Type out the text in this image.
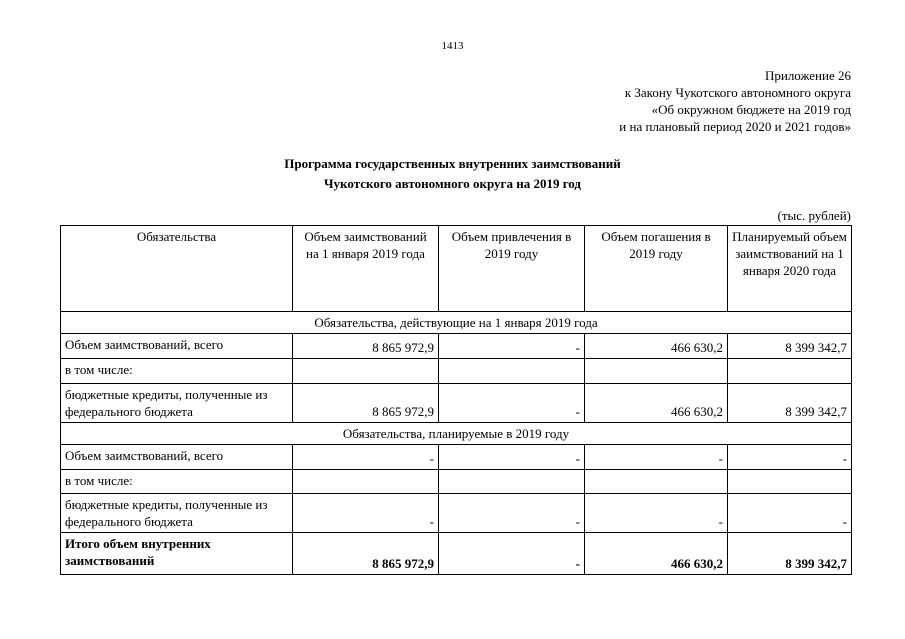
1413
Приложение 26
к Закону Чукотского автономного округа
«Об окружном бюджете на 2019 год
и на плановый период 2020 и 2021 годов»
Программа государственных внутренних заимствований
Чукотского автономного округа на 2019 год
(тыс. рублей)
Обязательства	Объем заимствований на 1 января 2019 года	Объем привлечения в 2019 году	Объем погашения в 2019 году	Планируемый объем заимствований на 1 января 2020 года
Обязательства, действующие на 1 января 2019 года				
Объем заимствований, всего	8 865 972,9	-	466 630,2	8 399 342,7
в том числе:				
бюджетные кредиты, полученные из федерального бюджета	8 865 972,9	-	466 630,2	8 399 342,7
Обязательства, планируемые в 2019 году				
Объем заимствований, всего	-	-	-	-
в том числе:				
бюджетные кредиты, полученные из федерального бюджета	-	-	-	-
Итого объем внутренних заимствований	8 865 972,9	-	466 630,2	8 399 342,7
